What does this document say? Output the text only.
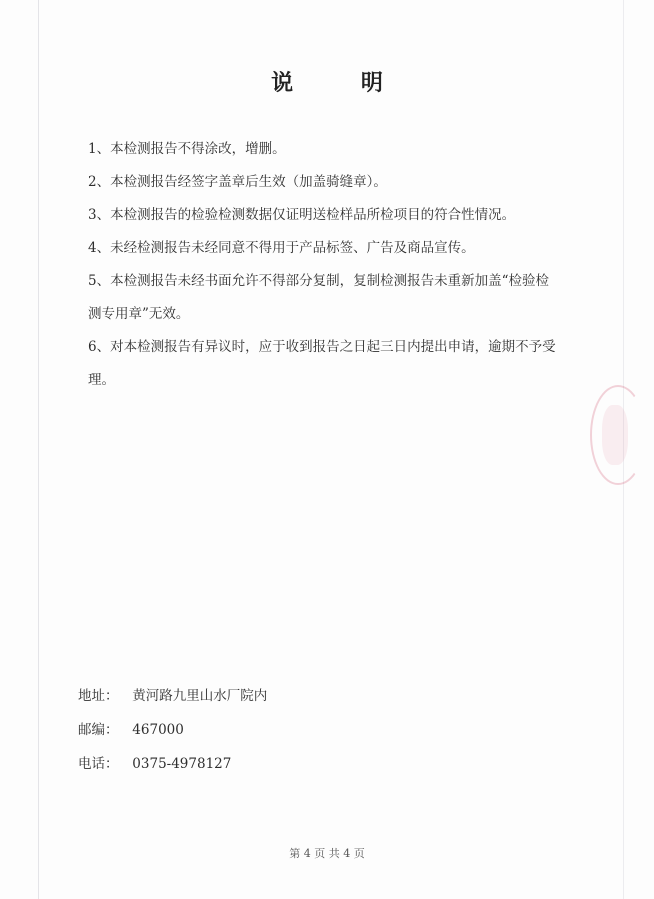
说 明
1、本检测报告不得涂改，增删。
2、本检测报告经签字盖章后生效（加盖骑缝章）。
3、本检测报告的检验检测数据仅证明送检样品所检项目的符合性情况。
4、未经检测报告未经同意不得用于产品标签、广告及商品宣传。
5、本检测报告未经书面允许不得部分复制，复制检测报告未重新加盖“检验检
测专用章”无效。
6、对本检测报告有异议时，应于收到报告之日起三日内提出申请，逾期不予受
理。
地址： 黄河路九里山水厂院内
邮编： 467000
电话： 0375-4978127
第 4 页 共 4 页
